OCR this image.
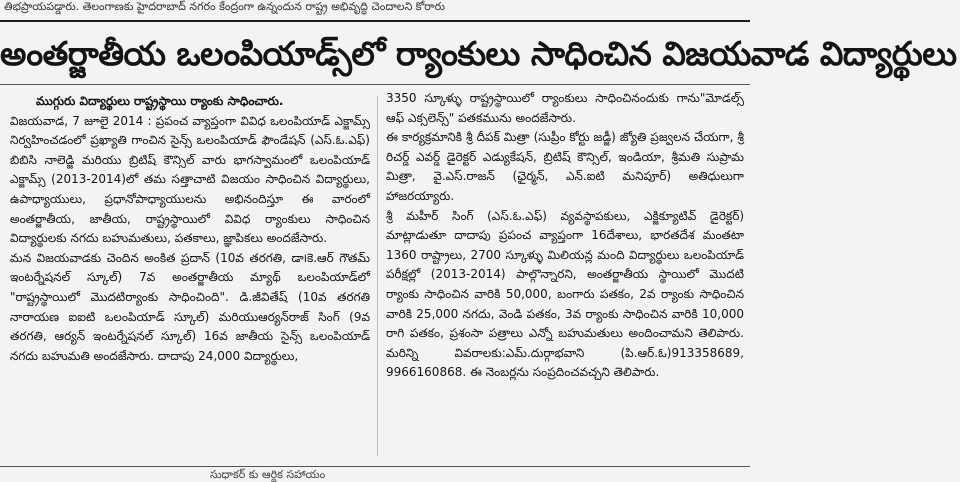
తిభప్రాయపడ్డారు. తెలంగాణకు హైదరాబాద్ నగరం కేంద్రంగా ఉన్నందున రాష్ట్ర అభివృద్ధి చెందాలని కోరారు
అంతర్జాతీయ ఒలంపియాడ్స్‌లో ర్యాంకులు సాధించిన విజయవాడ విద్యార్థులు

ముగ్గురు విద్యార్థులు రాష్ట్రస్థాయి ర్యాంకు సాధించారు.

విజయవాడ, 7 జూలై 2014 : ప్రపంచ వ్యాప్తంగా వివిధ ఒలంపియాడ్ ఎక్జామ్స్ నిర్వహించడంలో ప్రఖ్యాతి గాంచిన సైన్స్ ఒలంపియాడ్ ఫౌండేషన్ (ఎస్.ఓ.ఎఫ్) బిబిసి నాలెడ్జి మరియు బ్రిటిష్ కౌన్సిల్ వారు భాగస్వామంలో ఒలంపియాడ్ ఎక్జామ్స్ (2013-2014)లో తమ సత్తాచాటి విజయం సాధించిన విద్యార్థులు, ఉపాధ్యాయులు, ప్రధానోపాధ్యాయులను అభినందిస్తూ ఈ వారంలో అంతర్జాతీయ, జాతీయ, రాష్ట్రస్థాయిలో వివిధ ర్యాంకులు సాధించిన విద్యార్థులకు నగదు బహుమతులు, పతకాలు, జ్ఞాపికలు అందజేసారు.

మన విజయవాడకు చెందిన అంకిత ప్రదాన్ (10వ తరగతి, డా౹కె.ఆర్ గౌతమ్ ఇంటర్నేషనల్ స్కూల్) 7వ అంతర్జాతీయ మ్యాథ్ ఒలంపియాడ్‌లో "రాష్ట్రస్థాయిలో మొదటిర్యాంకు సాధించింది". డి.జీవితేష్ (10వ తరగతి నారాయణ ఐఐటి ఒలంపియాడ్ స్కూల్) మరియుఆర్యన్‌రాజ్ సింగ్ (9వ తరగతి, ఆర్యన్ ఇంటర్నేషనల్ స్కూల్) 16వ జాతీయ సైన్స్ ఒలంపియాడ్ నగదు బహుమతి అందజేసారు. దాదాపు 24,000 విద్యార్థులు,

3350 స్కూళ్ళు రాష్ట్రస్థాయిలో ర్యాంకులు సాధించినందుకు గాను"మోడల్స్ ఆఫ్ ఎక్సలెన్స్" పతకమును అందజేసారు.

ఈ కార్యక్రమానికి శ్రీ దీపక్ మిత్రా (సుప్రీం కోర్టు జడ్జీ) జ్యోతి ప్రజ్వలన చేయగా, శ్రీ రిచర్డ్ ఎవర్డ్ డైరెక్టర్ ఎడ్యుకేషన్, బ్రిటిష్ కౌన్సిల్, ఇండియా, శ్రీమతి సుప్రామ మిత్రా, వై.ఎస్.రాజన్ (ఛైర్మన్, ఎన్.ఐటి మనిపూర్) అతిధులుగా హాజరయ్యారు.

శ్రీ మహీర్ సింగ్ (ఎస్.ఓ.ఎఫ్) వ్యవస్థాపకులు, ఎక్జిక్యూటివ్ డైరెక్టర్) మాట్లాడుతూ దాదాపు ప్రపంచ వ్యాప్తంగా 16దేశాలు, భారతదేశ మంతటా 1360 రాష్ట్రాలు, 2700 స్కూళ్ళు మిలియన్ల మంది విద్యార్థులు ఒలంపియాడ్ పరీక్షల్లో (2013-2014) పాల్గొన్నారని, అంతర్జాతీయ స్థాయిలో మొదటి ర్యాంకు సాధించిన వారికి 50,000, బంగారు పతకం, 2వ ర్యాంకు సాధించిన వారికి 25,000 నగదు, వెండి పతకం, 3వ ర్యాంకు సాధించిన వారికి 10,000 రాగి పతకం, ప్రశంసా పత్రాలు ఎన్నో బహుమతులు అందించామని తెలిపారు. మరిన్ని వివరాలకు:ఎమ్.దుర్గాభవాని (పి.ఆర్.ఓ)913358689, 9966160868. ఈ నెంబర్లను సంప్రదించవచ్చని తెలిపారు.

సుధాకర్ కు ఆర్థిక సహాయం
